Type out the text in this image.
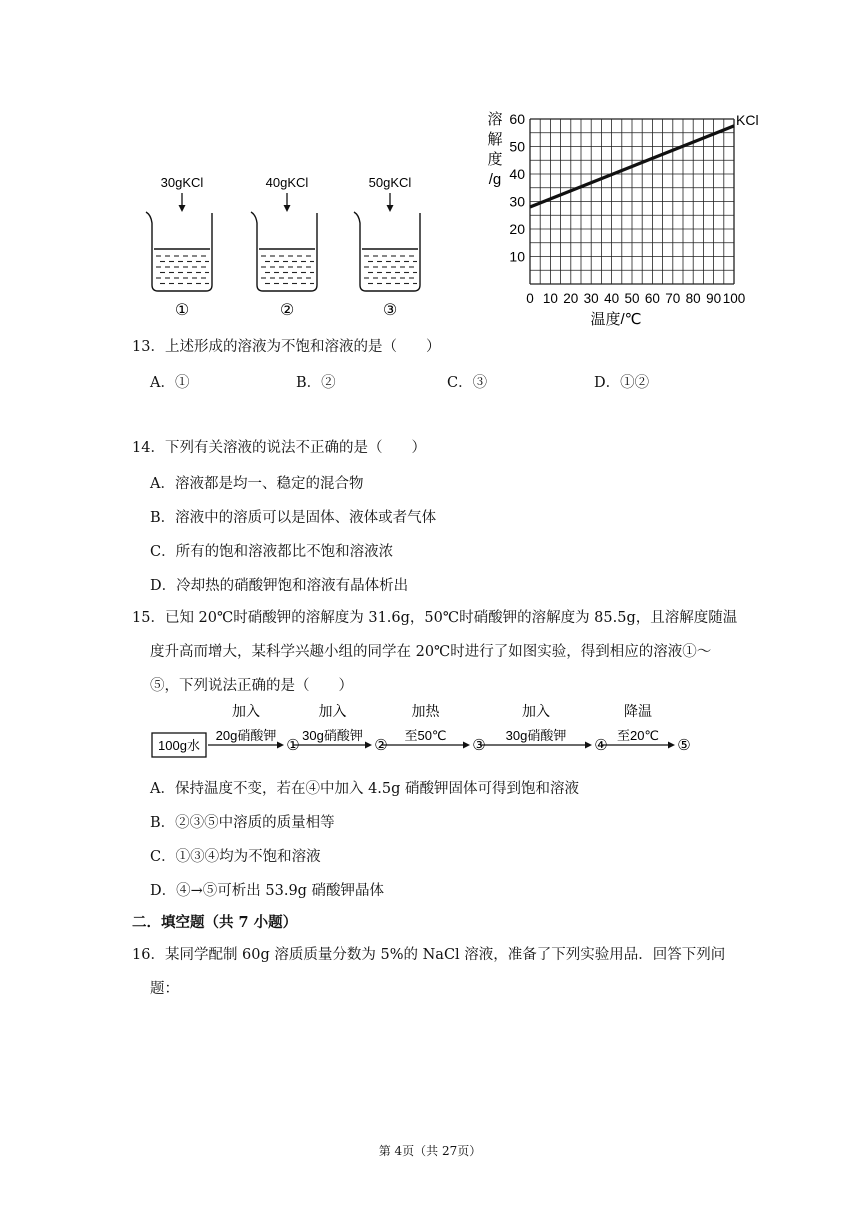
30gKCl
①
40gKCl
②
50gKCl
③
溶
解
度
/g
10
20
30
40
50
60
0 10 20 30 40 50 60 70 80 90 100
KCl
温度/℃
13．上述形成的溶液为不饱和溶液的是（　　）
A．①	B．②	C．③	D．①②
14．下列有关溶液的说法不正确的是（　　）
A．溶液都是均一、稳定的混合物
B．溶液中的溶质可以是固体、液体或者气体
C．所有的饱和溶液都比不饱和溶液浓
D．冷却热的硝酸钾饱和溶液有晶体析出
15．已知 20℃时硝酸钾的溶解度为 31.6g，50℃时硝酸钾的溶解度为 85.5g，且溶解度随温
度升高而增大，某科学兴趣小组的同学在 20℃时进行了如图实验，得到相应的溶液①～
⑤，下列说法正确的是（　　）
100g水
加入
20g硝酸钾
①
加入
30g硝酸钾
②
加热
至50℃
③
加入
30g硝酸钾
④
降温
至20℃
⑤
A．保持温度不变，若在④中加入 4.5g 硝酸钾固体可得到饱和溶液
B．②③⑤中溶质的质量相等
C．①③④均为不饱和溶液
D．④→⑤可析出 53.9g 硝酸钾晶体
二．填空题（共 7 小题）
16．某同学配制 60g 溶质质量分数为 5%的 NaCl 溶液，准备了下列实验用品．回答下列问
题：
第 4页（共 27页）
